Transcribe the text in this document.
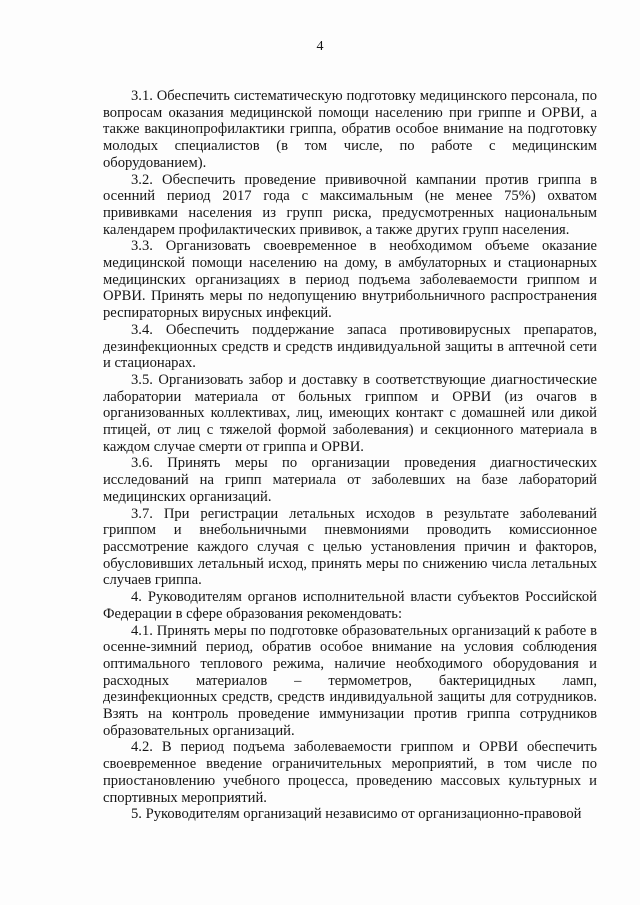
4

3.1. Обеспечить систематическую подготовку медицинского персонала, по вопросам оказания медицинской помощи населению при гриппе и ОРВИ, а также вакцинопрофилактики гриппа, обратив особое внимание на подготовку молодых специалистов (в том числе, по работе с медицинским оборудованием).

3.2. Обеспечить проведение прививочной кампании против гриппа в осенний период 2017 года с максимальным (не менее 75%) охватом прививками населения из групп риска, предусмотренных национальным календарем профилактических прививок, а также других групп населения.

3.3. Организовать своевременное в необходимом объеме оказание медицинской помощи населению на дому, в амбулаторных и стационарных медицинских организациях в период подъема заболеваемости гриппом и ОРВИ. Принять меры по недопущению внутрибольничного распространения респираторных вирусных инфекций.

3.4. Обеспечить поддержание запаса противовирусных препаратов, дезинфекционных средств и средств индивидуальной защиты в аптечной сети и стационарах.

3.5. Организовать забор и доставку в соответствующие диагностические лаборатории материала от больных гриппом и ОРВИ (из очагов в организованных коллективах, лиц, имеющих контакт с домашней или дикой птицей, от лиц с тяжелой формой заболевания) и секционного материала в каждом случае смерти от гриппа и ОРВИ.

3.6. Принять меры по организации проведения диагностических исследований на грипп материала от заболевших на базе лабораторий медицинских организаций.

3.7. При регистрации летальных исходов в результате заболеваний гриппом и внебольничными пневмониями проводить комиссионное рассмотрение каждого случая с целью установления причин и факторов, обусловивших летальный исход, принять меры по снижению числа летальных случаев гриппа.

4. Руководителям органов исполнительной власти субъектов Российской Федерации в сфере образования рекомендовать:

4.1. Принять меры по подготовке образовательных организаций к работе в осенне-зимний период, обратив особое внимание на условия соблюдения оптимального теплового режима, наличие необходимого оборудования и расходных материалов – термометров, бактерицидных ламп, дезинфекционных средств, средств индивидуальной защиты для сотрудников. Взять на контроль проведение иммунизации против гриппа сотрудников образовательных организаций.

4.2. В период подъема заболеваемости гриппом и ОРВИ обеспечить своевременное введение ограничительных мероприятий, в том числе по приостановлению учебного процесса, проведению массовых культурных и спортивных мероприятий.

5. Руководителям организаций независимо от организационно-правовой
